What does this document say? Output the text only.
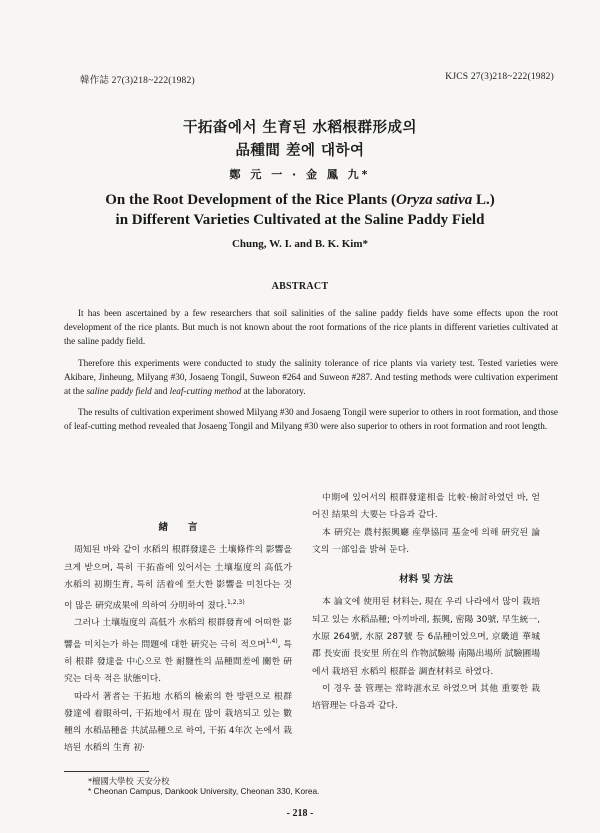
韓作誌 27(3)218~222(1982)	KJCS 27(3)218~222(1982)
干拓畓에서 生育된 水稻根群形成의
品種間 差에 대하여
鄭 元 一 · 金 鳳 九*
On the Root Development of the Rice Plants (Oryza sativa L.)
in Different Varieties Cultivated at the Saline Paddy Field
Chung, W. I. and B. K. Kim*
ABSTRACT

It has been ascertained by a few researchers that soil salinities of the saline paddy fields have some effects upon the root development of the rice plants. But much is not known about the root formations of the rice plants in different varieties cultivated at the saline paddy field.

Therefore this experiments were conducted to study the salinity tolerance of rice plants via variety test. Tested varieties were Akibare, Jinheung, Milyang #30, Josaeng Tongil, Suweon #264 and Suweon #287. And testing methods were cultivation experiment at the saline paddy field and leaf-cutting method at the laboratory.

The results of cultivation experiment showed Milyang #30 and Josaeng Tongil were superior to others in root formation, and those of leaf-cutting method revealed that Josaeng Tongil and Milyang #30 were also superior to others in root formation and root length.

緖 言

周知된 바와 같이 水稻의 根群發達은 土壤條件의 影響을 크게 받으며, 특히 干拓畓에 있어서는 土壤塩度의 高低가 水稻의 初期生育, 특히 活着에 至大한 影響을 미친다는 것이 많은 硏究成果에 의하여 分明하여 졌다.$^{1,2,3)}$

그러나 土壤塩度의 高低가 水稻의 根群發育에 어떠한 影響을 미치는가 하는 問題에 대한 硏究는 극히 적으며$^{1,4)}$, 특히 根群 發達을 中心으로 한 耐鹽性의 品種間差에 關한 硏究는 더욱 적은 狀態이다.

따라서 著者는 干拓地 水稻의 檢索의 한 방편으로 根群發達에 着眼하여, 干拓地에서 現在 많이 栽培되고 있는 數種의 水稻品種을 共試品種으로 하여, 干拓 4年次 논에서 栽培된 水稻의 生育 初·

中期에 있어서의 根群發達相을 比較·檢討하였던 바, 얻어진 結果의 大要는 다음과 같다.

本 硏究는 農村振興廳 産學協同 基金에 의해 硏究된 論文의 一部임을 밝혀 둔다.

材料 및 方法

本 論文에 使用된 材料는, 現在 우리 나라에서 많이 栽培되고 있는 水稻品種; 아끼바레, 振興, 密陽 30號, 早生統一, 水原 264號, 水原 287號 등 6品種이었으며, 京畿道 華城郡 長安面 長安里 所在의 作物試驗場 南陽出場所 試驗圃場에서 栽培된 水稻의 根群을 調査材料로 하였다.

이 경우 물 管理는 常時湛水로 하였으며 其他 重要한 栽培管理는 다음과 같다.

*檀國大學校 天安分校
* Cheonan Campus, Dankook University, Cheonan 330, Korea.
- 218 -
